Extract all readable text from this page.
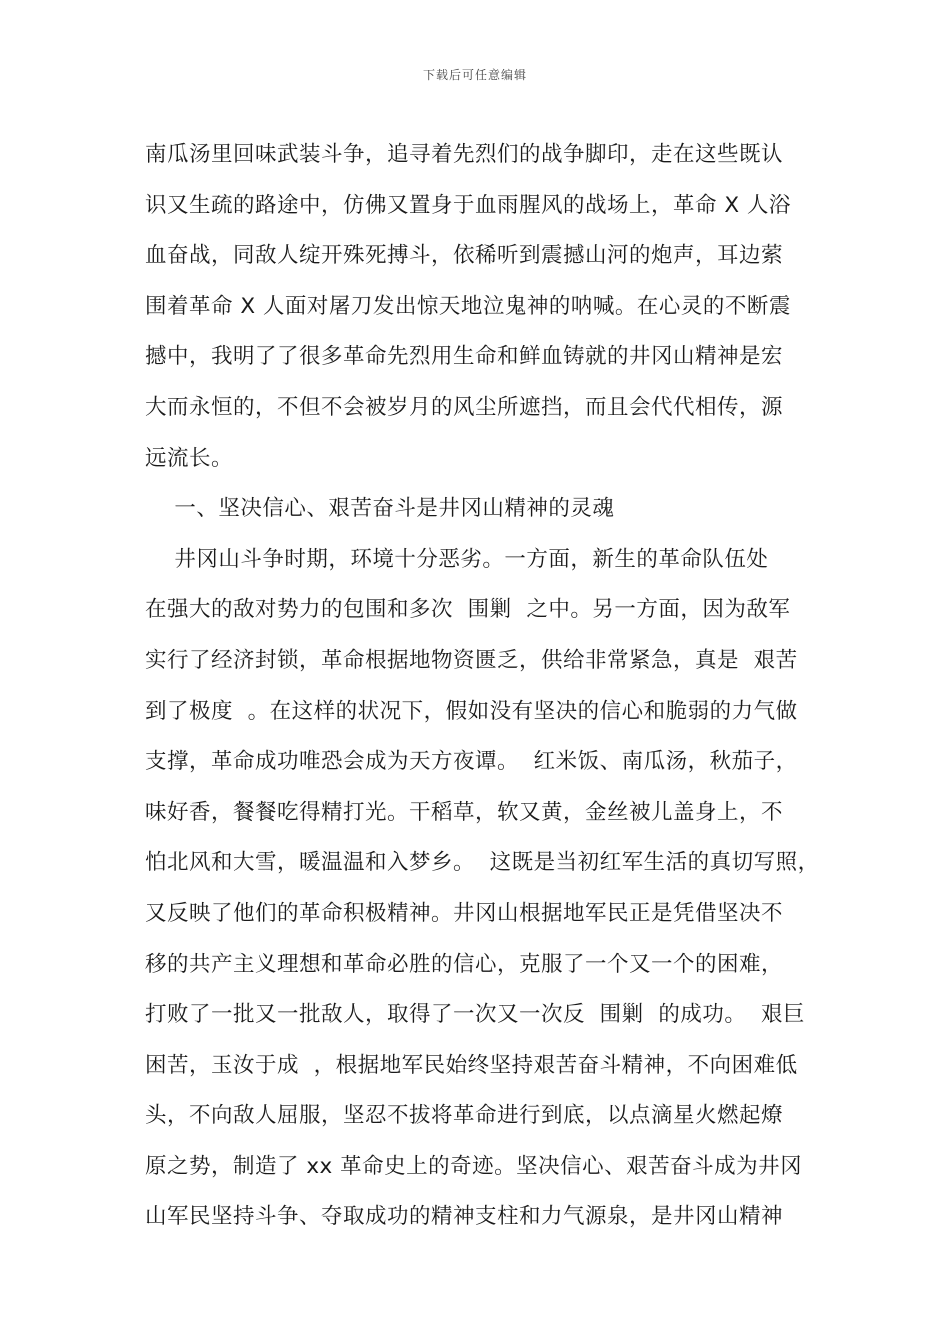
下载后可任意编辑
南瓜汤里回味武装斗争，追寻着先烈们的战争脚印，走在这些既认
识又生疏的路途中，仿佛又置身于血雨腥风的战场上，革命 X 人浴
血奋战，同敌人绽开殊死搏斗，依稀听到震撼山河的炮声，耳边萦
围着革命 X 人面对屠刀发出惊天地泣鬼神的呐喊。在心灵的不断震
撼中，我明了了很多革命先烈用生命和鲜血铸就的井冈山精神是宏
大而永恒的，不但不会被岁月的风尘所遮挡，而且会代代相传，源
远流长。
一、坚决信心、艰苦奋斗是井冈山精神的灵魂
井冈山斗争时期，环境十分恶劣。一方面，新生的革命队伍处
在强大的敌对势力的包围和多次  围剿  之中。另一方面，因为敌军
实行了经济封锁，革命根据地物资匮乏，供给非常紧急，真是  艰苦
到了极度  。在这样的状况下，假如没有坚决的信心和脆弱的力气做
支撑，革命成功唯恐会成为天方夜谭。  红米饭、南瓜汤，秋茄子，
味好香，餐餐吃得精打光。干稻草，软又黄，金丝被儿盖身上，不
怕北风和大雪，暖温温和入梦乡。  这既是当初红军生活的真切写照，
又反映了他们的革命积极精神。井冈山根据地军民正是凭借坚决不
移的共产主义理想和革命必胜的信心，克服了一个又一个的困难，
打败了一批又一批敌人，取得了一次又一次反  围剿  的成功。  艰巨
困苦，玉汝于成  ，根据地军民始终坚持艰苦奋斗精神，不向困难低
头，不向敌人屈服，坚忍不拔将革命进行到底，以点滴星火燃起燎
原之势，制造了 xx 革命史上的奇迹。坚决信心、艰苦奋斗成为井冈
山军民坚持斗争、夺取成功的精神支柱和力气源泉，是井冈山精神
